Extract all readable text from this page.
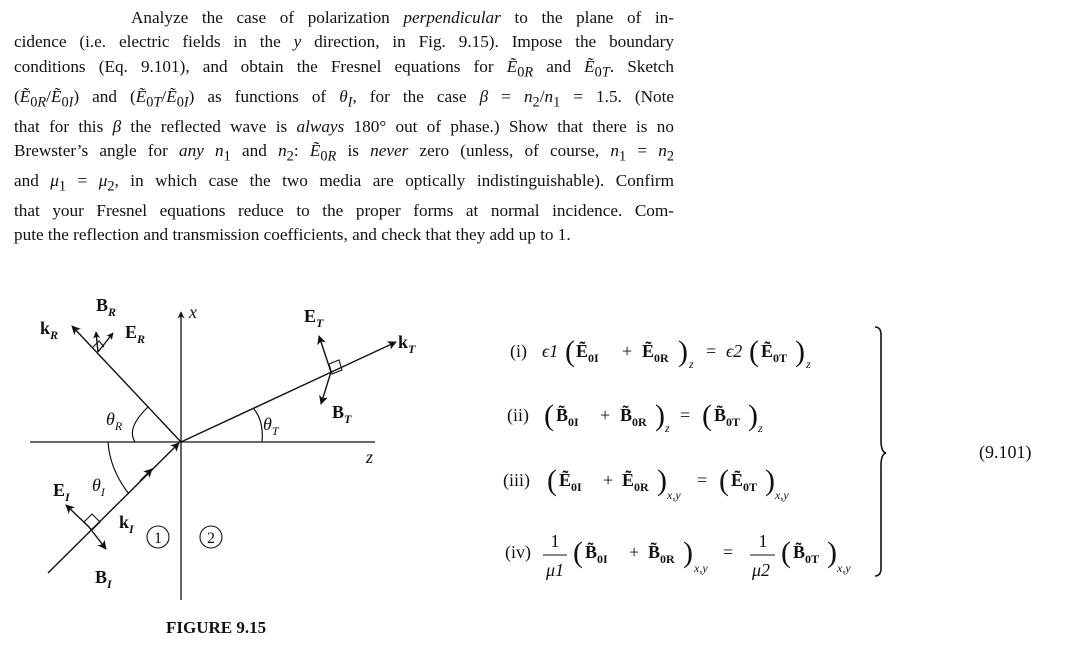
Analyze the case of polarization perpendicular to the plane of in-
cidence (i.e. electric fields in the y direction, in Fig. 9.15). Impose the boundary
conditions (Eq. 9.101), and obtain the Fresnel equations for Ẽ$_{0R}$ and Ẽ$_{0T}$. Sketch
(Ẽ$_{0R}$/Ẽ$_{0I}$) and (Ẽ$_{0T}$/Ẽ$_{0I}$) as functions of $\theta_I$, for the case $\beta = n_2/n_1 = 1.5$. (Note
that for this β the reflected wave is always 180° out of phase.) Show that there is no
Brewster’s angle for any $n_1$ and $n_2$: Ẽ$_{0R}$ is never zero (unless, of course, $n_1 = n_2$
and $\mu_1 = \mu_2$, in which case the two media are optically indistinguishable). Confirm
that your Fresnel equations reduce to the proper forms at normal incidence. Com-
pute the reflection and transmission coefficients, and check that they add up to 1.
1	2
$k_R$
$B_R$
$E_R$
x	$E_T$
$k_T$
$\theta_R$	$\theta_T$
$B_T$
z
$E_I$
$\theta_I$
$k_I$
$B_I$
(i) ϵ1 ( Ẽ$_{0I}$ + Ẽ$_{0R}$ ) z
= ϵ2 ( Ẽ$_{0T}$ ) z
(ii) ( $B̃_{0I}$ + $B̃_{0R}$ ) z
= ( $B̃_{0T}$ ) z
(iii) ( Ẽ$_{0I}$ + Ẽ$_{0R}$ ) x,y
= ( Ẽ$_{0T}$ ) x,y
(iv)
1
μ1
( $B̃_{0I}$ + $B̃_{0R}$ ) x,y
=
1
μ2
( $B̃_{0T}$ ) x,y
(9.101)
FIGURE 9.15
